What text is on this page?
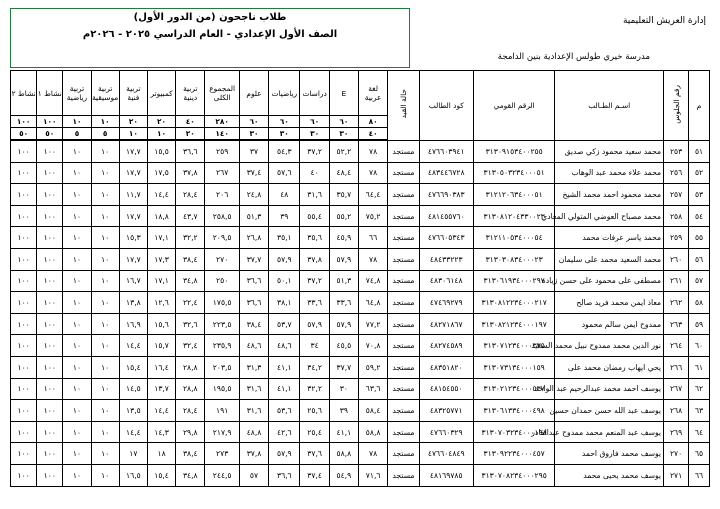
طلاب ناجحون (من الدور الأول)
الصف الأول الإعدادي - العام الدراسي ٢٠٢٥ - ٢٠٢٦م
إدارة العريش التعليمية
مدرسة خيري طولس الإعدادية بنين الدامجة
م	رقم الجلوس	اسـم الطـالب	الرقم القومي	كود الطالب	حالة القيد	لغة عربية	E	دراسات	رياضيات	علوم	المجموع الكلى	تربية دينية	كمبيوتر	تربية فنية	تربية موسيقية	تربية رياضية	نشاط ١	نشاط ٢
						٨٠	٦٠	٦٠	٦٠	٦٠	٢٨٠	٤٠	٢٠	٢٠	١٠	١٠	١٠٠	١٠٠
						٤٠	٣٠	٣٠	٣٠	٣٠	١٤٠	٢٠	١٠	١٠	٥	٥	٥٠	٥٠
٥١	٢٥٣	محمد سعيد محمود زكي صديق	٣١٣٠٩١٥٣٤٠٠٢٥٥	٤٧٦٦٠٣٩٤١	مستجد	٧٨	٥٢,٢	٣٧,٢	٥٤,٣	٣٧	٢٥٩	٣٦,٦	١٥,٥	١٧,٧	١٠	١٠	١٠٠	١٠٠
٥٢	٢٥٦	محمد علاء محمد عبد الوهاب	٣١٣٠٥٠٣٢٣٤٠٠٠٥١	٤٨٣٤٤٦٧٢٨	مستجد	٧٨	٤٨,٤	٤٠	٥٧,٦	٣٧,٤	٢٦٧	٣٧,٨	١٧,٥	١٧,٧	١٠	١٠	١٠٠	١٠٠
٥٣	٢٥٧	محمد محمود احمد محمد الشيخ	٣١٢١٢٠٦٣٤٠٠٠٥١	٤٧٦٦٩٠٣٨٣	مستجد	٦٤,٤	٣٥,٧	٣١,٦	٤٨	٢٤,٨	٢٠٦	٢٨,٤	١٤,٤	١١,٧	١٠	١٠	١٠٠	١٠٠
٥٤	٢٥٨	محمد مصباح العوضي المتولي المعادي	٣١٣٠٨١٢٠٤٣٣٠٠٢٣	٤٨١٤٥٥٧٦٠	مستجد	٧٥,٢	٥٥,٢	٥٥,٤	٣٩	٥١,٣	٢٥٨,٥	٤٣,٧	١٨,٨	١٧,٧	١٠	١٠	١٠٠	١٠٠
٥٥	٢٥٩	محمد ياسر عرفات محمد	٣١٢١١٠٥٣٤٠٠٠٥٤	٤٧٦٦٠٥٣٤٣	مستجد	٦٦	٤٥,٩	٣٥,٦	٣٥,١	٢٦,٨	٢٠٩,٥	٣٢,٢	١٧,١	١٥,٣	١٠	١٠	١٠٠	١٠٠
٥٦	٢٦٠	محمد السعيد محمد على سليمان	٣١٣٠٣٠٨٣٤٠٠٠٢٣	٤٨٤٣٣٢٢٣	مستجد	٧٨	٥٧,٩	٣٧,٨	٥٧,٩	٣٧,٧	٢٧٠	٣٨,٤	١٧,٣	١٧,٧	١٠	١٠	١٠٠	١٠٠
٥٧	٢٦١	مصطفى على محمود على حسن زيادة	٣١٣٠٦١٩٣٤٠٠٠٢٩٧	٤٨٣٠٦١٤٨	مستجد	٧٤,٨	٥١,٣	٣٧,٢	٥٠,١	٣٦,٦	٢٥٠	٣٤,٨	١٧,١	١٦,٧	١٠	١٠	١٠٠	١٠٠
٥٨	٢٦٢	معاذ ايمن محمد فريد صالح	٣١٣٠٨١٢٢٣٤٠٠٠٢١٧	٤٧٤٦٩٢٧٩	مستجد	٦٤,٨	٣٣,٦	٣٣,٦	٣٨,١	٣٦,٦	١٧٥,٥	٢٢,٤	١٢,٦	١٣,٨	١٠	١٠	١٠٠	١٠٠
٥٩	٢٦٣	ممدوح ايمن سالم محمود	٣١٣٠٨٢١٢٣٤٠٠٠١٩٧	٤٨٢٧١٨٦٧	مستجد	٧٧,٢	٥٧,٩	٥٧,٩	٥٣,٧	٣٨,٤	٢٢٣,٥	٣٢,٦	١٥,٦	١٦,٩	١٠	١٠	١٠٠	١٠٠
٦٠	٢٦٤	نور الدين محمد ممدوح نبيل محمد السعيد	٣١٣٠٧١٢٣٤٠٠٠٣٣٥	٤٨٢٧٤٥٨٩	مستجد	٧٠,٨	٤٥,٥	٣٤	٤٨,٦	٤٨,٦	٢٣٥,٩	٣٢,٤	١٥,٧	١٤,٤	١٠	١٠	١٠٠	١٠٠
٦١	٢٦٦	يحي ايهاب رمضان محمد على	٣١٣٠٧٣١٣٤٠٠٠١٥٩	٤٨٣٥١٨٢٠	مستجد	٥٩,٢	٣٧,٧	٣٤,٢	٤١,١	٣١,٣	٢٠٣,٥	٢٨,٨	١٦,٤	١٥,٤	١٠	١٠	١٠٠	١٠٠
٦٢	٢٦٧	يوسف احمد محمد عبدالرحيم عبد الواحد	٣١٣٠٢١٢٣٤٠٠٠٥٣٧	٤٨١٥٤٥٥٠	مستجد	٦٣,٦	٣٠	٣٢,٢	٤١,١	٣١,٦	١٩٥,٥	٢٨,٨	١٣,٧	١٤,٥	١٠	١٠	١٠٠	١٠٠
٦٣	٢٦٨	يوسف عبد الله حسن حمدان حسين	٣١٣٠٦١٣٣٤٠٠٠٤٩٨	٤٨٣٢٥٧٧١	مستجد	٥٨,٤	٣٩	٢٥,٦	٥٣,٦	٣١,٦	١٩١	٢٨,٤	١٤,٤	١٣,٥	١٠	١٠	١٠٠	١٠٠
٦٤	٢٦٩	يوسف عبد المنعم محمد ممدوح عبدالقادر	٣١٣٠٧٠٣٢٣٤٠٠٠١٩٨	٤٧٦٦٠٣٢٩	مستجد	٥٨,٨	٤١,١	٢٥,٤	٤٢,٦	٤٨,٨	٢١٧,٩	٢٩,٨	١٤,٣	١٤,٤	١٠	١٠	١٠٠	١٠٠
٦٥	٢٧٠	يوسف محمد فاروق احمد	٣١٣٠٩٢٢٣٤٠٠٠٤٥٧	٤٧٦٦٠٤٨٤٩	مستجد	٧٨	٥٨,٨	٣٧,٦	٥٧,٩	٣٧,٨	٢٧٣	٣٨,٤	١٨	١٧	١٠	١٠	١٠٠	١٠٠
٦٦	٢٧١	يوسف محمد يحيى محمد	٣١٣٠٧٠٨٢٣٤٠٠٠٢٩٥	٤٨١٦٩٧٨٥	مستجد	٧١,٦	٥٤,٩	٣٧,٤	٣٦,٦	٥٧	٢٤٤,٥	٣٤,٨	١٥,٤	١٦,٥	١٠	١٠	١٠٠	١٠٠
